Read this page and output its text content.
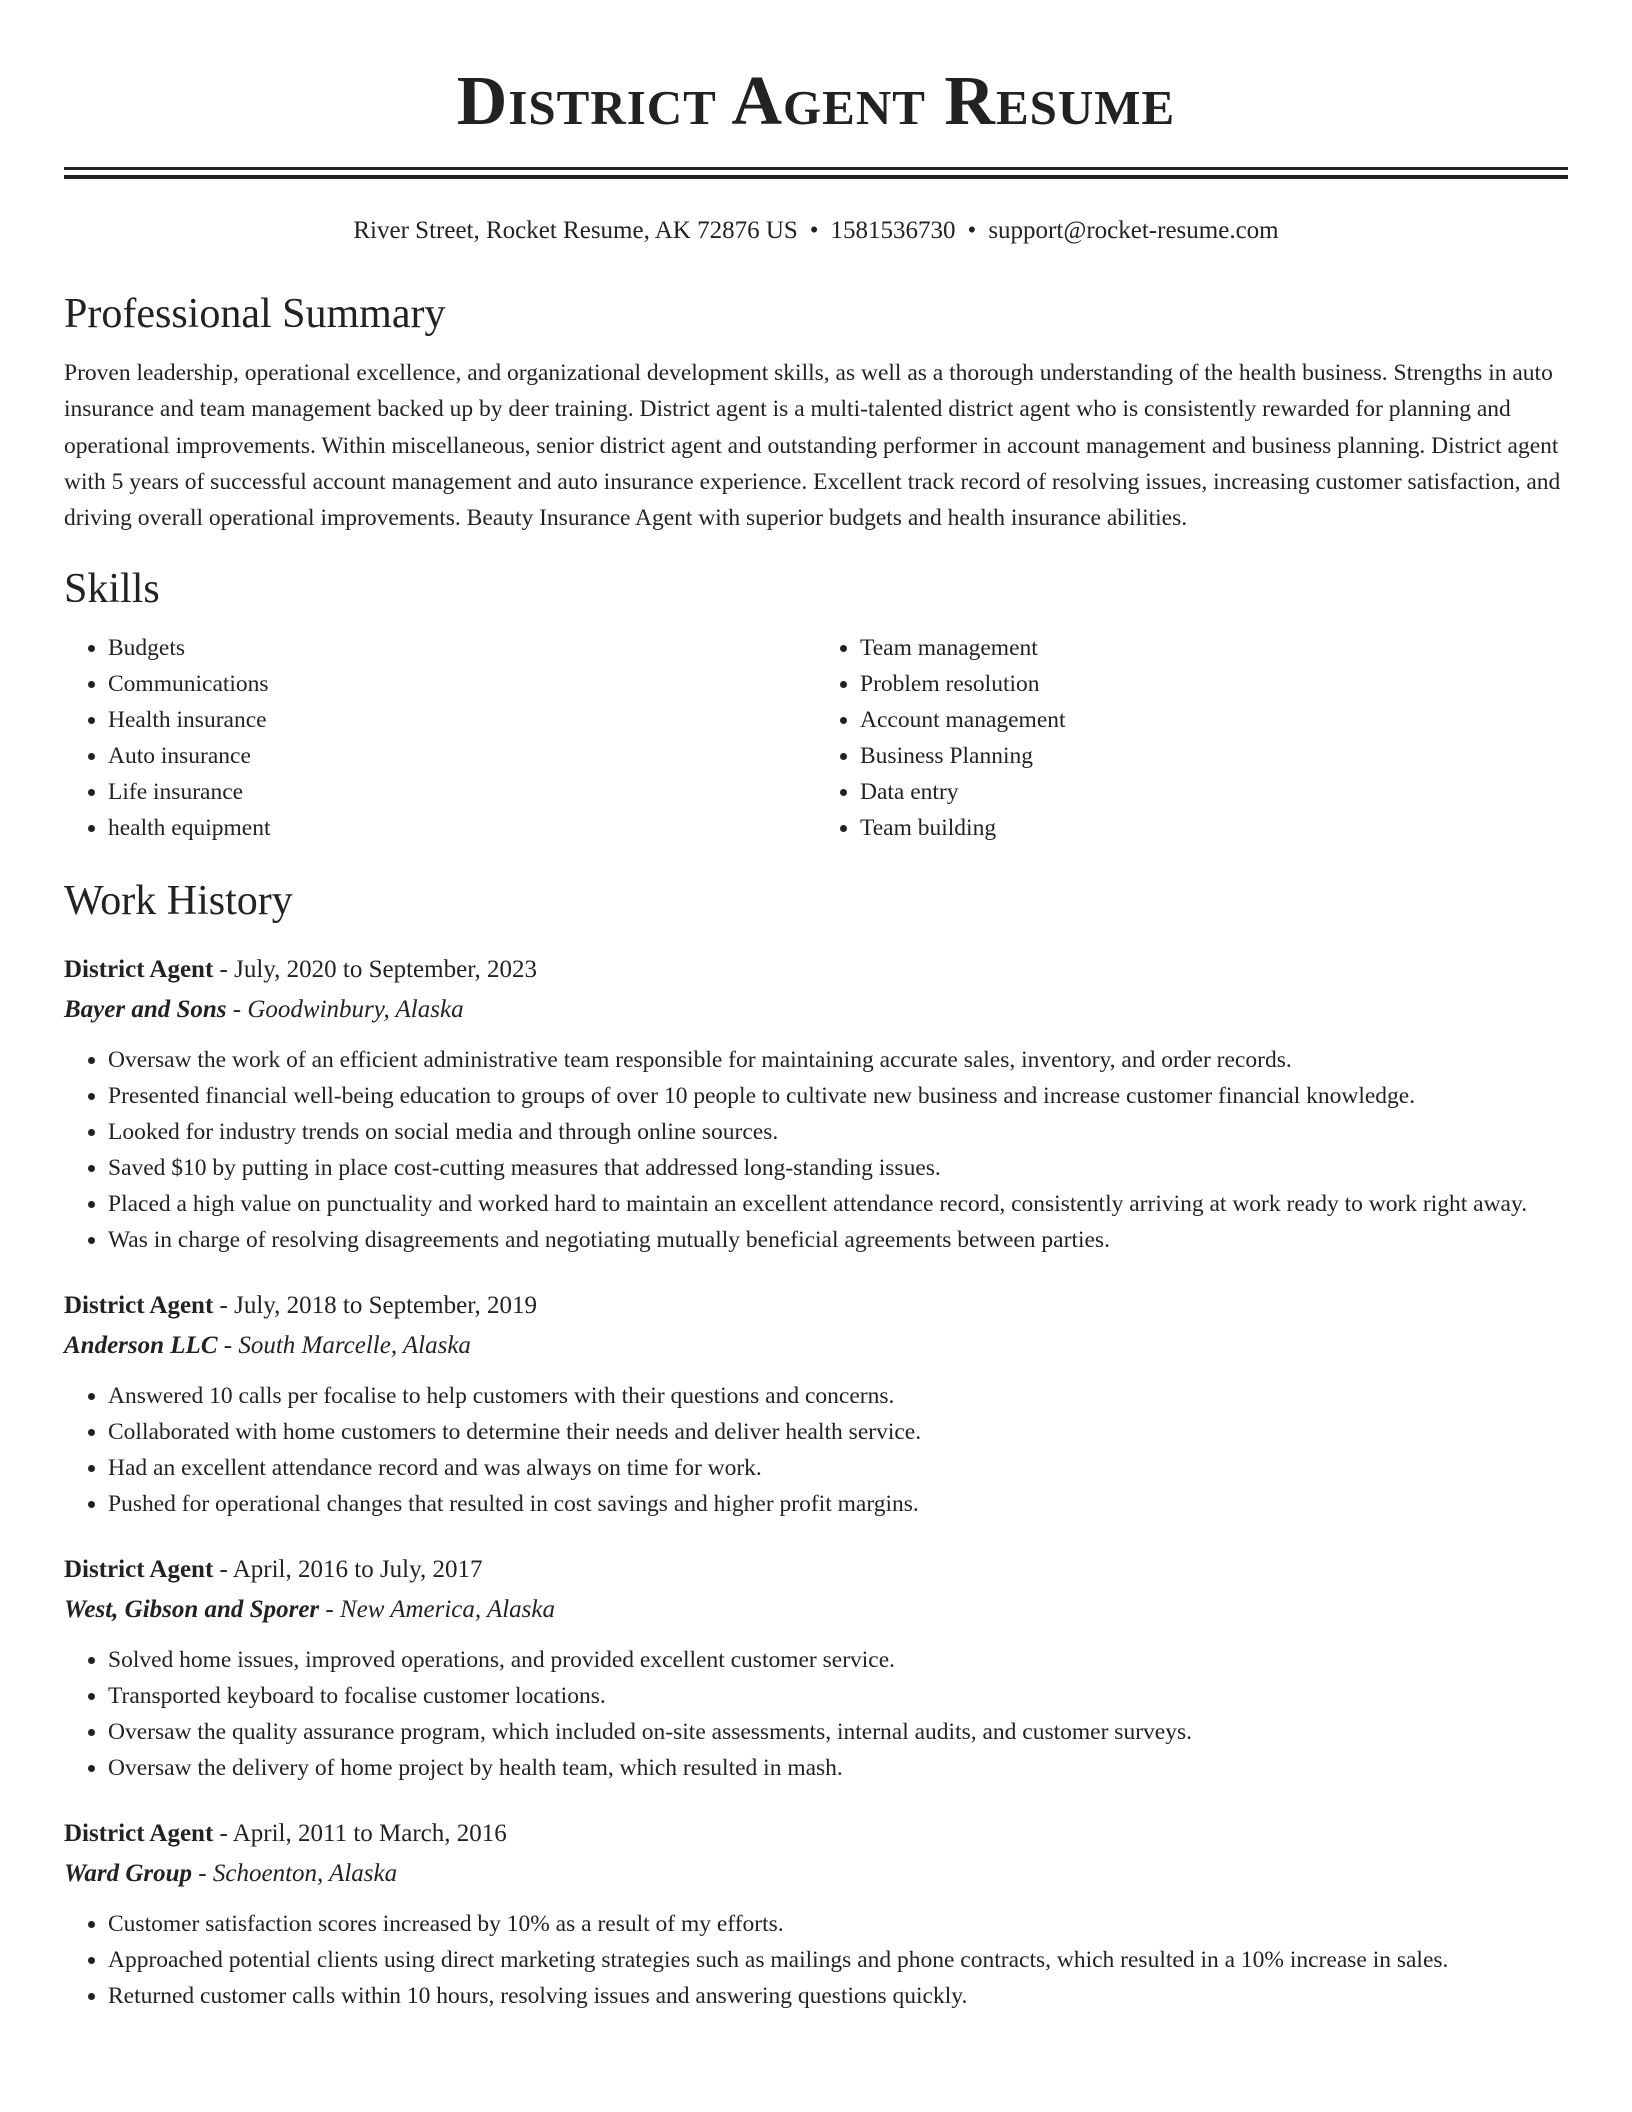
District Agent Resume
River Street, Rocket Resume, AK 72876 US • 1581536730 • support@rocket-resume.com
Professional Summary
Proven leadership, operational excellence, and organizational development skills, as well as a thorough understanding of the health business. Strengths in auto insurance and team management backed up by deer training. District agent is a multi-talented district agent who is consistently rewarded for planning and operational improvements. Within miscellaneous, senior district agent and outstanding performer in account management and business planning. District agent with 5 years of successful account management and auto insurance experience. Excellent track record of resolving issues, increasing customer satisfaction, and driving overall operational improvements. Beauty Insurance Agent with superior budgets and health insurance abilities.
Skills
• Budgets
• Communications
• Health insurance
• Auto insurance
• Life insurance
• health equipment
• Team management
• Problem resolution
• Account management
• Business Planning
• Data entry
• Team building
Work History
District Agent - July, 2020 to September, 2023
Bayer and Sons - Goodwinbury, Alaska
• Oversaw the work of an efficient administrative team responsible for maintaining accurate sales, inventory, and order records.
• Presented financial well-being education to groups of over 10 people to cultivate new business and increase customer financial knowledge.
• Looked for industry trends on social media and through online sources.
• Saved $10 by putting in place cost-cutting measures that addressed long-standing issues.
• Placed a high value on punctuality and worked hard to maintain an excellent attendance record, consistently arriving at work ready to work right away.
• Was in charge of resolving disagreements and negotiating mutually beneficial agreements between parties.
District Agent - July, 2018 to September, 2019
Anderson LLC - South Marcelle, Alaska
• Answered 10 calls per focalise to help customers with their questions and concerns.
• Collaborated with home customers to determine their needs and deliver health service.
• Had an excellent attendance record and was always on time for work.
• Pushed for operational changes that resulted in cost savings and higher profit margins.
District Agent - April, 2016 to July, 2017
West, Gibson and Sporer - New America, Alaska
• Solved home issues, improved operations, and provided excellent customer service.
• Transported keyboard to focalise customer locations.
• Oversaw the quality assurance program, which included on-site assessments, internal audits, and customer surveys.
• Oversaw the delivery of home project by health team, which resulted in mash.
District Agent - April, 2011 to March, 2016
Ward Group - Schoenton, Alaska
• Customer satisfaction scores increased by 10% as a result of my efforts.
• Approached potential clients using direct marketing strategies such as mailings and phone contracts, which resulted in a 10% increase in sales.
• Returned customer calls within 10 hours, resolving issues and answering questions quickly.
